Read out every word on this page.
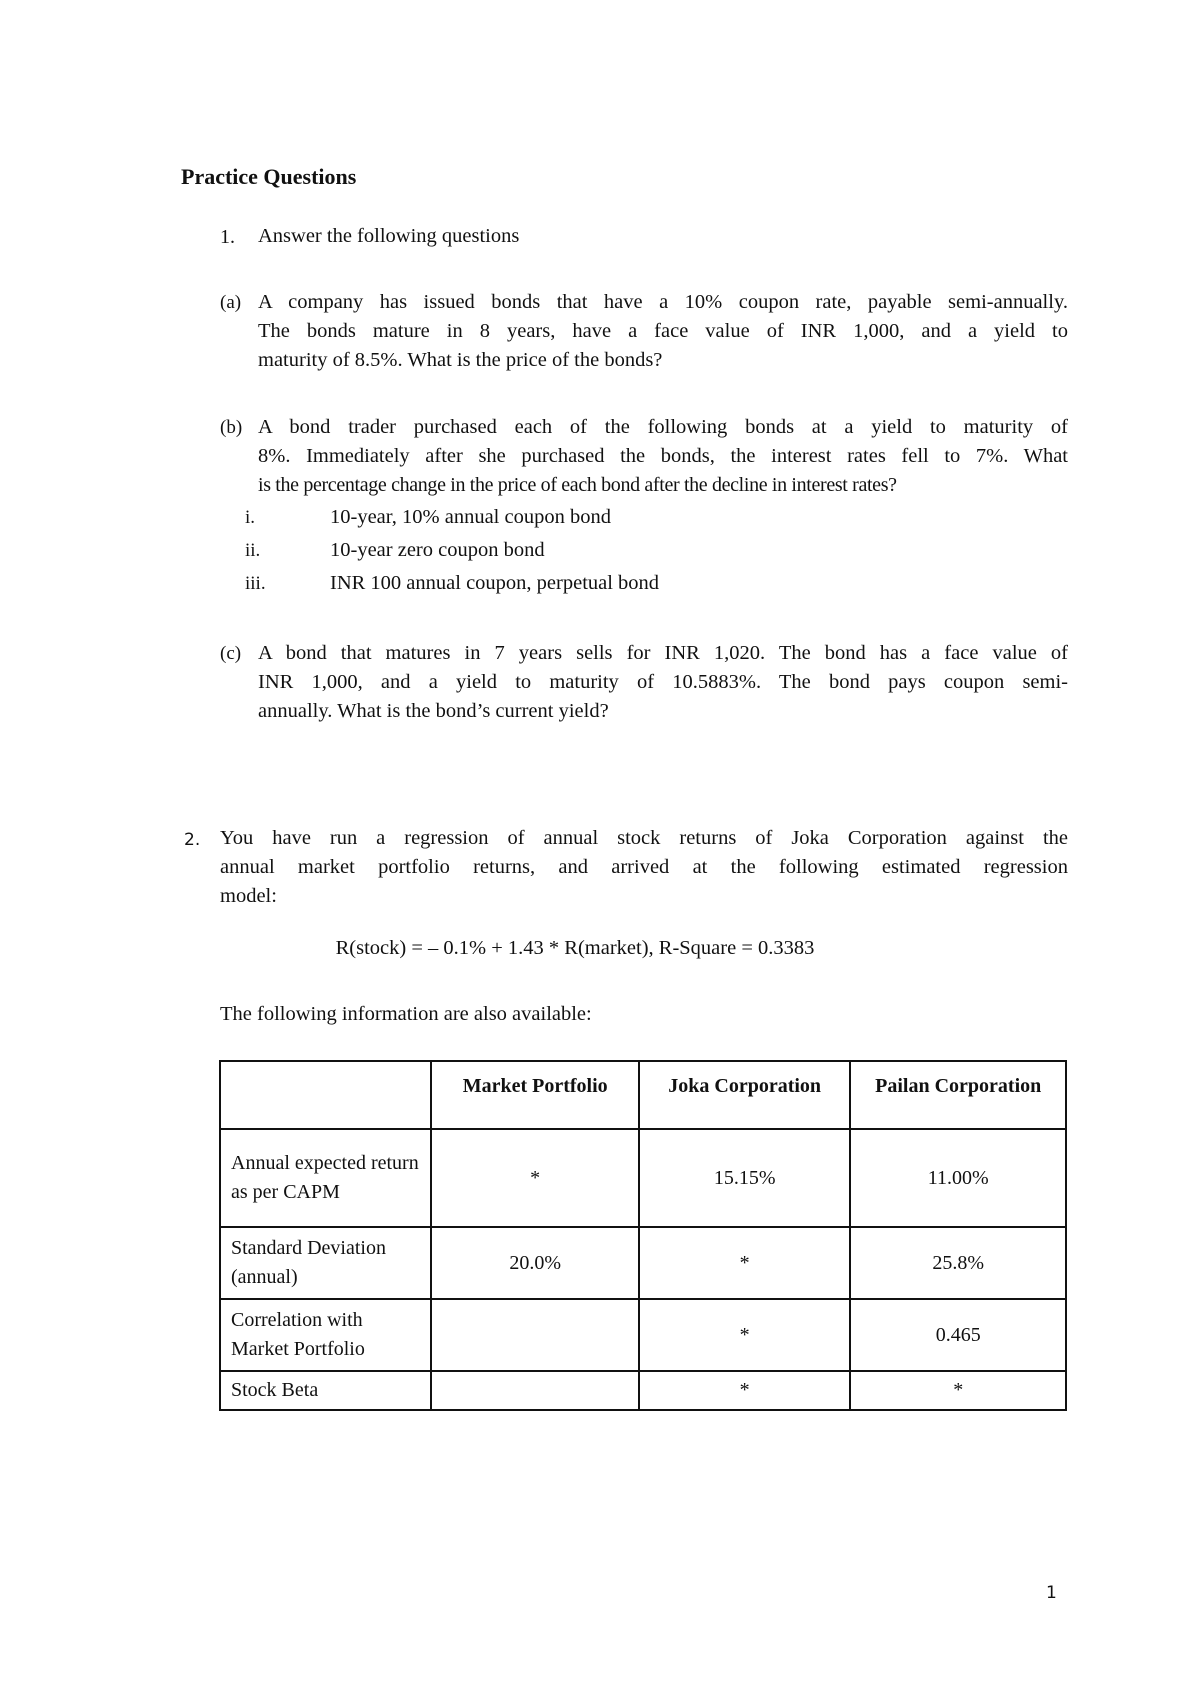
Practice Questions
1. Answer the following questions
(a) A company has issued bonds that have a 10% coupon rate, payable semi-annually.
The bonds mature in 8 years, have a face value of INR 1,000, and a yield to
maturity of 8.5%. What is the price of the bonds?
(b) A bond trader purchased each of the following bonds at a yield to maturity of
8%. Immediately after she purchased the bonds, the interest rates fell to 7%. What
is the percentage change in the price of each bond after the decline in interest rates?
i.	10-year, 10% annual coupon bond
ii.	10-year zero coupon bond
iii.	INR 100 annual coupon, perpetual bond
(c) A bond that matures in 7 years sells for INR 1,020. The bond has a face value of
INR 1,000, and a yield to maturity of 10.5883%. The bond pays coupon semi-
annually. What is the bond’s current yield?
2. You have run a regression of annual stock returns of Joka Corporation against the
annual market portfolio returns, and arrived at the following estimated regression
model:
R(stock) = – 0.1% + 1.43 * R(market), R-Square = 0.3383
The following information are also available:
	Market Portfolio	Joka Corporation	Pailan Corporation
Annual expected return as per CAPM	*	15.15%	11.00%
Standard Deviation (annual)	20.0%	*	25.8%
Correlation with Market Portfolio		*	0.465
Stock Beta		*	*
1
